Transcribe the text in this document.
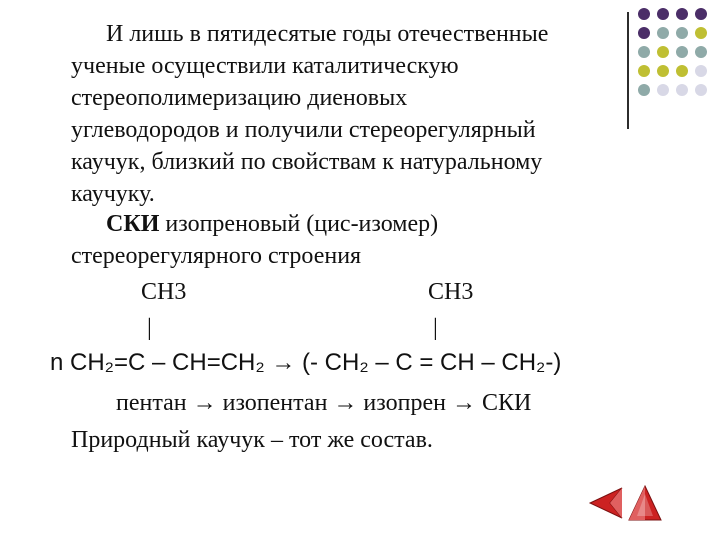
И лишь в пятидесятые годы отечественные
ученые осуществили каталитическую
стереополимеризацию диеновых
углеводородов и получили стереорегулярный
каучук, близкий по свойствам к натуральному
каучуку.
СКИ изопреновый (цис-изомер)
стереорегулярного строения
CH3	CH3
|	|
n CH₂=C – CH=CH₂ → (- CH₂ – C = CH – CH₂-)
пентан → изопентан → изопрен → СКИ
Природный каучук – тот же состав.
